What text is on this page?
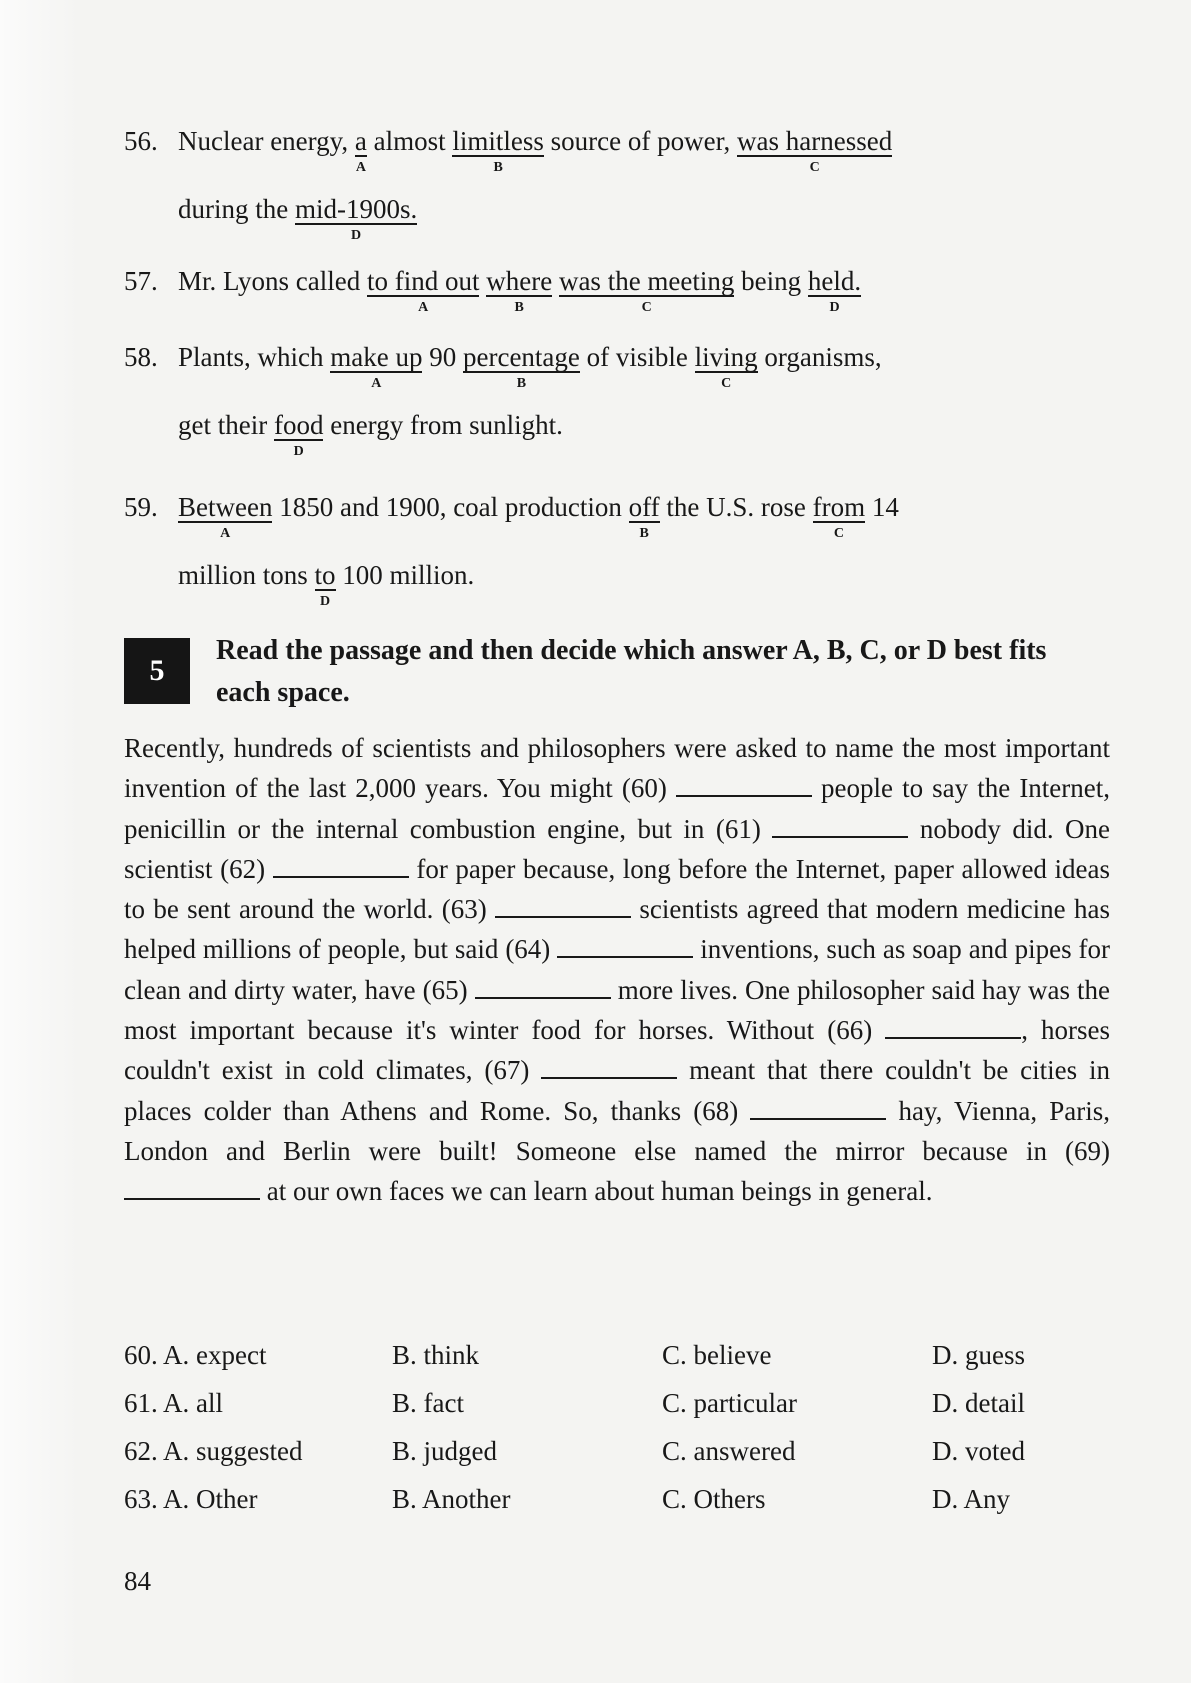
56. Nuclear energy, a
A
almost limitless
B
source of power, was harnessed
C
during the mid-1900s.
D
57. Mr. Lyons called to find out
A
where
B
was the meeting
C
being held.
D
58. Plants, which make up
A
90 percentage
B
of visible living
C
organisms,
get their food
D
energy from sunlight.
59. Between
A
1850 and 1900, coal production off
B
the U.S. rose from
C
14
million tons to
D
100 million.
5

Read the passage and then decide which answer A, B, C, or D best fits each space.

Recently, hundreds of scientists and philosophers were asked to name the most important invention of the last 2,000 years. You might (60)	people to say the Internet, penicillin or the internal combustion engine, but in (61)	nobody did. One scientist (62)	for paper because, long before the Internet, paper allowed ideas to be sent around the world. (63)	scientists agreed that modern medicine has helped millions of people, but said (64)	inventions, such as soap and pipes for clean and dirty water, have (65)	more lives. One philosopher said hay was the most important because it's winter food for horses. Without (66)	, horses couldn't exist in cold climates, (67)	meant that there couldn't be cities in places colder than Athens and Rome. So, thanks (68)	hay, Vienna, Paris, London and Berlin were built! Someone else named the mirror because in (69)  at our own faces we can learn about human beings in general.

60. A. expect	B. think	C. believe	D. guess
61. A. all	B. fact	C. particular	D. detail
62. A. suggested	B. judged	C. answered	D. voted
63. A. Other	B. Another	C. Others	D. Any
84
